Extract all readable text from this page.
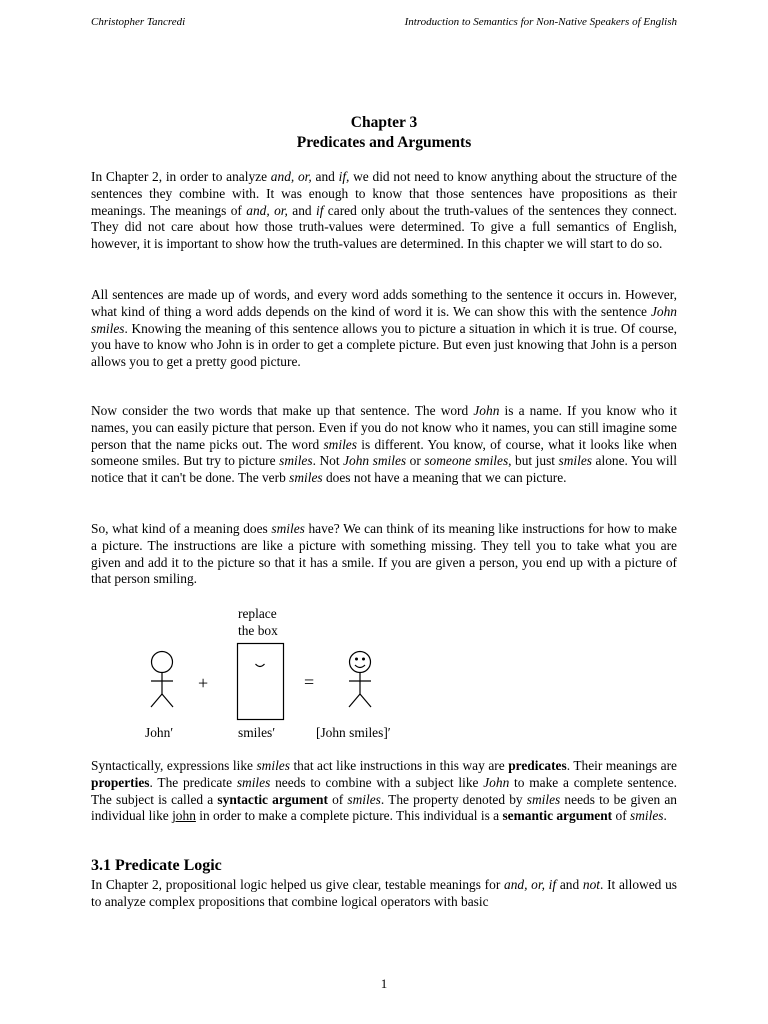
Christopher Tancredi	Introduction to Semantics for Non-Native Speakers of English
Chapter 3
Predicates and Arguments

In Chapter 2, in order to analyze and, or, and if, we did not need to know anything about the structure of the sentences they combine with. It was enough to know that those sentences have propositions as their meanings. The meanings of and, or, and if cared only about the truth-values of the sentences they connect. They did not care about how those truth-values were determined. To give a full semantics of English, however, it is important to show how the truth-values are determined. In this chapter we will start to do so.

All sentences are made up of words, and every word adds something to the sentence it occurs in. However, what kind of thing a word adds depends on the kind of word it is. We can show this with the sentence John smiles. Knowing the meaning of this sentence allows you to picture a situation in which it is true. Of course, you have to know who John is in order to get a complete picture. But even just knowing that John is a person allows you to get a pretty good picture.

Now consider the two words that make up that sentence. The word John is a name. If you know who it names, you can easily picture that person. Even if you do not know who it names, you can still imagine some person that the name picks out. The word smiles is different. You know, of course, what it looks like when someone smiles. But try to picture smiles. Not John smiles or someone smiles, but just smiles alone. You will notice that it can't be done. The verb smiles does not have a meaning that we can picture.

So, what kind of a meaning does smiles have? We can think of its meaning like instructions for how to make a picture. The instructions are like a picture with something missing. They tell you to take what you are given and add it to the picture so that it has a smile. If you are given a person, you end up with a picture of that person smiling.

replace
the box
+	=
John′	smiles′	[John smiles]′

Syntactically, expressions like smiles that act like instructions in this way are predicates. Their meanings are properties. The predicate smiles needs to combine with a subject like John to make a complete sentence. The subject is called a syntactic argument of smiles. The property denoted by smiles needs to be given an individual like john in order to make a complete picture. This individual is a semantic argument of smiles.

3.1 Predicate Logic

In Chapter 2, propositional logic helped us give clear, testable meanings for and, or, if and not. It allowed us to analyze complex propositions that combine logical operators with basic

1
